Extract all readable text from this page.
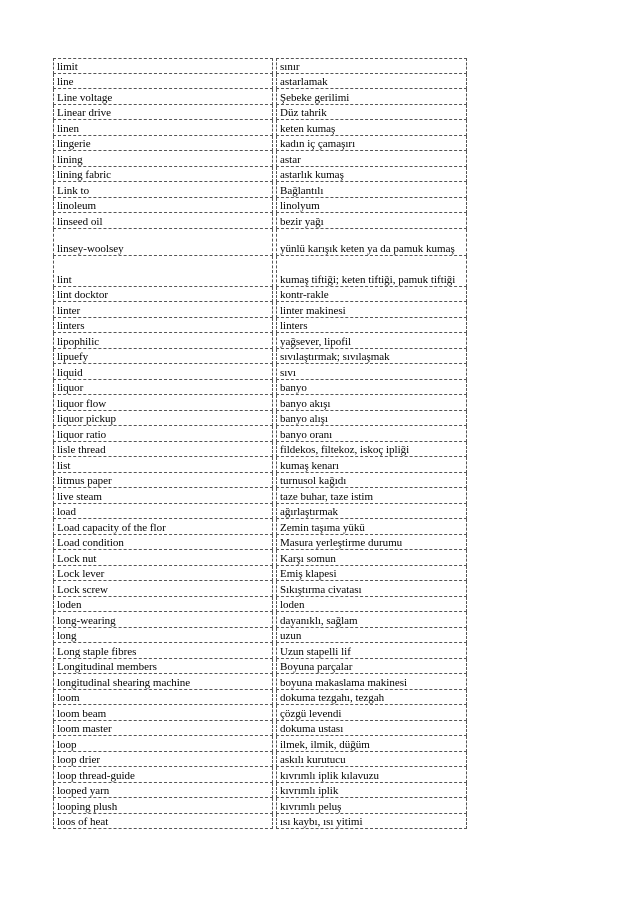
limit	sınır
line	astarlamak
Line voltage	Şebeke gerilimi
Linear drive	Düz tahrik
linen	keten kumaş
lingerie	kadın iç çamaşırı
lining	astar
lining fabric	astarlık kumaş
Link to	Bağlantılı
linoleum	linolyum
linseed oil	bezir yağı
linsey-woolsey	yünlü karışık keten ya da pamuk kumaş
lint	kumaş tiftiği; keten tiftiği, pamuk tiftiği
lint docktor	kontr-rakle
linter	linter makinesi
linters	linters
lipophilic	yağsever, lipofil
lipuefy	sıvılaştırmak; sıvılaşmak
liquid	sıvı
liquor	banyo
liquor flow	banyo akışı
liquor pickup	banyo alışı
liquor ratio	banyo oranı
lisle thread	fildekos, filtekoz, iskoç ipliği
list	kumaş kenarı
litmus paper	turnusol kağıdı
live steam	taze buhar, taze istim
load	ağırlaştırmak
Load capacity of the flor	Zemin taşıma yükü
Load condition	Masura yerleştirme durumu
Lock nut	Karşı somun
Lock lever	Emiş klapesi
Lock screw	Sıkıştırma civatası
loden	loden
long-wearing	dayanıklı, sağlam
long	uzun
Long staple fibres	Uzun stapelli lif
Longitudinal members	Boyuna parçalar
longitudinal shearing machine	boyuna makaslama makinesi
loom	dokuma tezgahı, tezgah
loom beam	çözgü levendi
loom master	dokuma ustası
loop	ilmek, ilmik, düğüm
loop drier	askılı kurutucu
loop thread-guide	kıvrımlı iplik kılavuzu
looped yarn	kıvrımlı iplik
looping plush	kıvrımlı peluş
loos of heat	ısı kaybı, ısı yitimi
